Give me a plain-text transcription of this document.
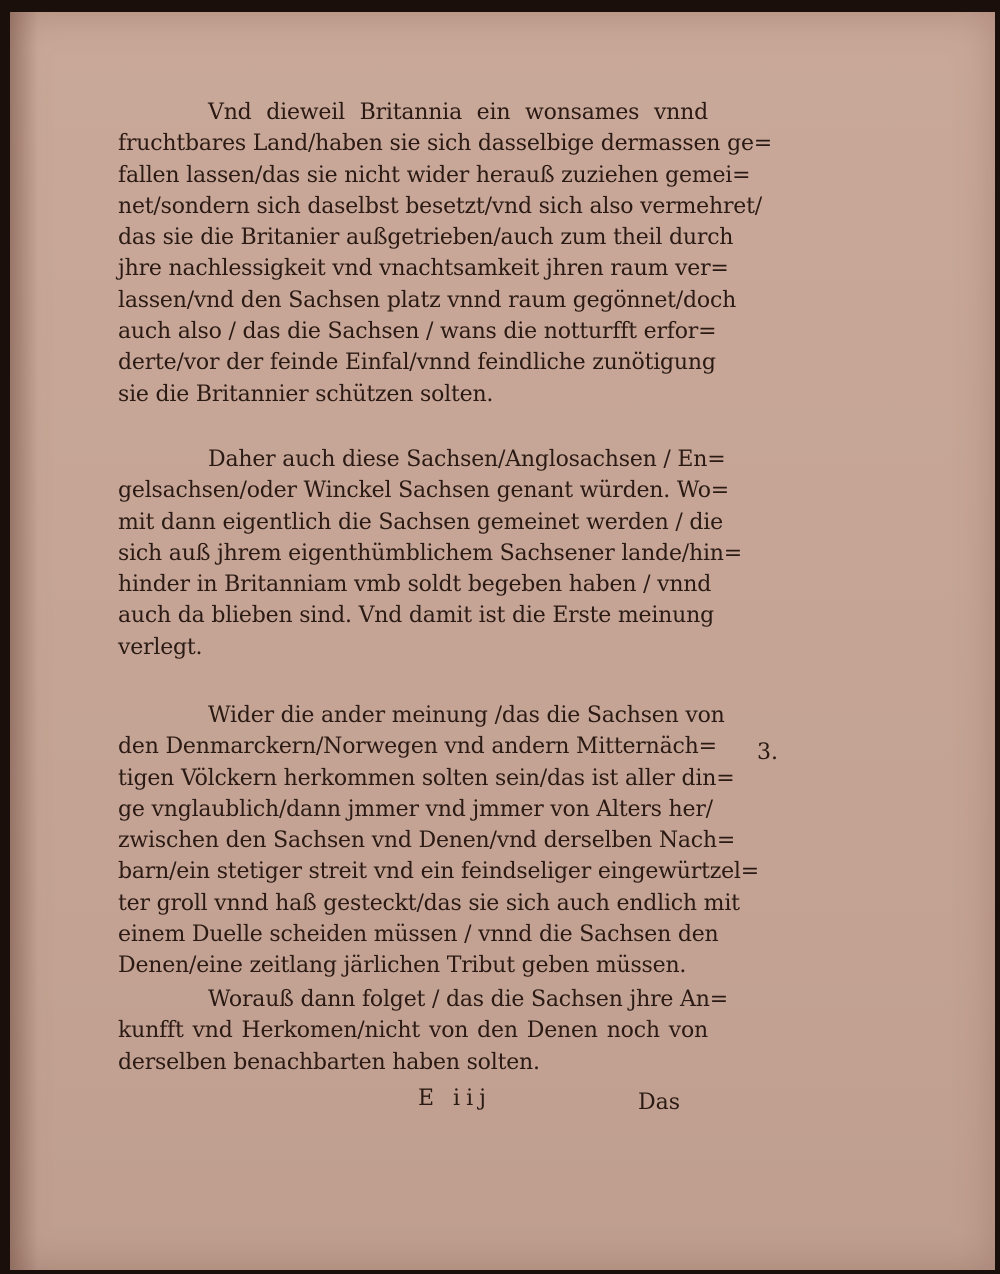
Vnd dieweil Britannia ein wonsames vnnd
fruchtbares Land/haben sie sich dasselbige dermassen ge=
fallen lassen/das sie nicht wider herauß zuziehen gemei=
net/sondern sich daselbst besetzt/vnd sich also vermehret/
das sie die Britanier außgetrieben/auch zum theil durch
jhre nachlessigkeit vnd vnachtsamkeit jhren raum ver=
lassen/vnd den Sachsen platz vnnd raum gegönnet/doch
auch also / das die Sachsen / wans die notturfft erfor=
derte/vor der feinde Einfal/vnnd feindliche zunötigung
sie die Britannier schützen solten.
Daher auch diese Sachsen/Anglosachsen / En=
gelsachsen/oder Winckel Sachsen genant würden. Wo=
mit dann eigentlich die Sachsen gemeinet werden / die
sich auß jhrem eigenthümblichem Sachsener lande/hin=
hinder in Britanniam vmb soldt begeben haben / vnnd
auch da blieben sind. Vnd damit ist die Erste meinung
verlegt.
Wider die ander meinung /das die Sachsen von
den Denmarckern/Norwegen vnd andern Mitternäch=
tigen Völckern herkommen solten sein/das ist aller din=
ge vnglaublich/dann jmmer vnd jmmer von Alters her/
zwischen den Sachsen vnd Denen/vnd derselben Nach=
barn/ein stetiger streit vnd ein feindseliger eingewürtzel=
ter groll vnnd haß gesteckt/das sie sich auch endlich mit
einem Duelle scheiden müssen / vnnd die Sachsen den
Denen/eine zeitlang järlichen Tribut geben müssen.
Worauß dann folget / das die Sachsen jhre An=
kunfft vnd Herkomen/nicht von den Denen noch von
derselben benachbarten haben solten.
3.
E iij	Das
